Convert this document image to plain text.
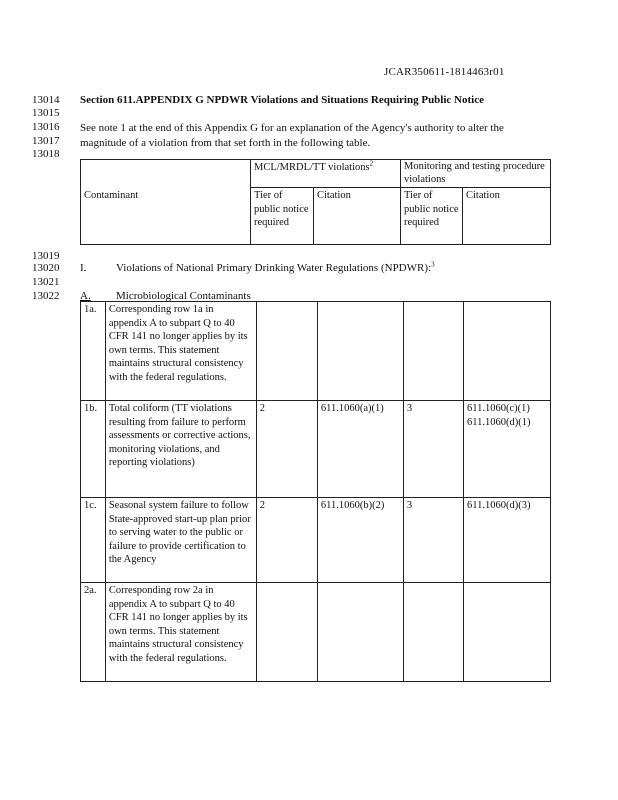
JCAR350611-1814463r01
13014
13015
13016
13017
13018
13019
13020
13021
13022
Section 611.APPENDIX G NPDWR Violations and Situations Requiring Public Notice
See note 1 at the end of this Appendix G for an explanation of the Agency's authority to alter the magnitude of a violation from that set forth in the following table.
	MCL/MRDL/TT violations$^2$		Monitoring and testing procedure violations	
Contaminant	Tier of public notice required	Citation	Tier of public notice required	Citation
I.	Violations of National Primary Drinking Water Regulations (NPDWR):$^3$
A. Microbiological Contaminants
1a.	Corresponding row 1a in appendix A to subpart Q to 40 CFR 141 no longer applies by its own terms. This statement maintains structural consistency with the federal regulations.				
1b.	Total coliform (TT violations resulting from failure to perform assessments or corrective actions, monitoring violations, and reporting violations)	2	611.1060(a)(1)	3	611.1060(c)(1) 611.1060(d)(1)
1c.	Seasonal system failure to follow State-approved start-up plan prior to serving water to the public or failure to provide certification to the Agency	2	611.1060(b)(2)	3	611.1060(d)(3)
2a.	Corresponding row 2a in appendix A to subpart Q to 40 CFR 141 no longer applies by its own terms. This statement maintains structural consistency with the federal regulations.				
